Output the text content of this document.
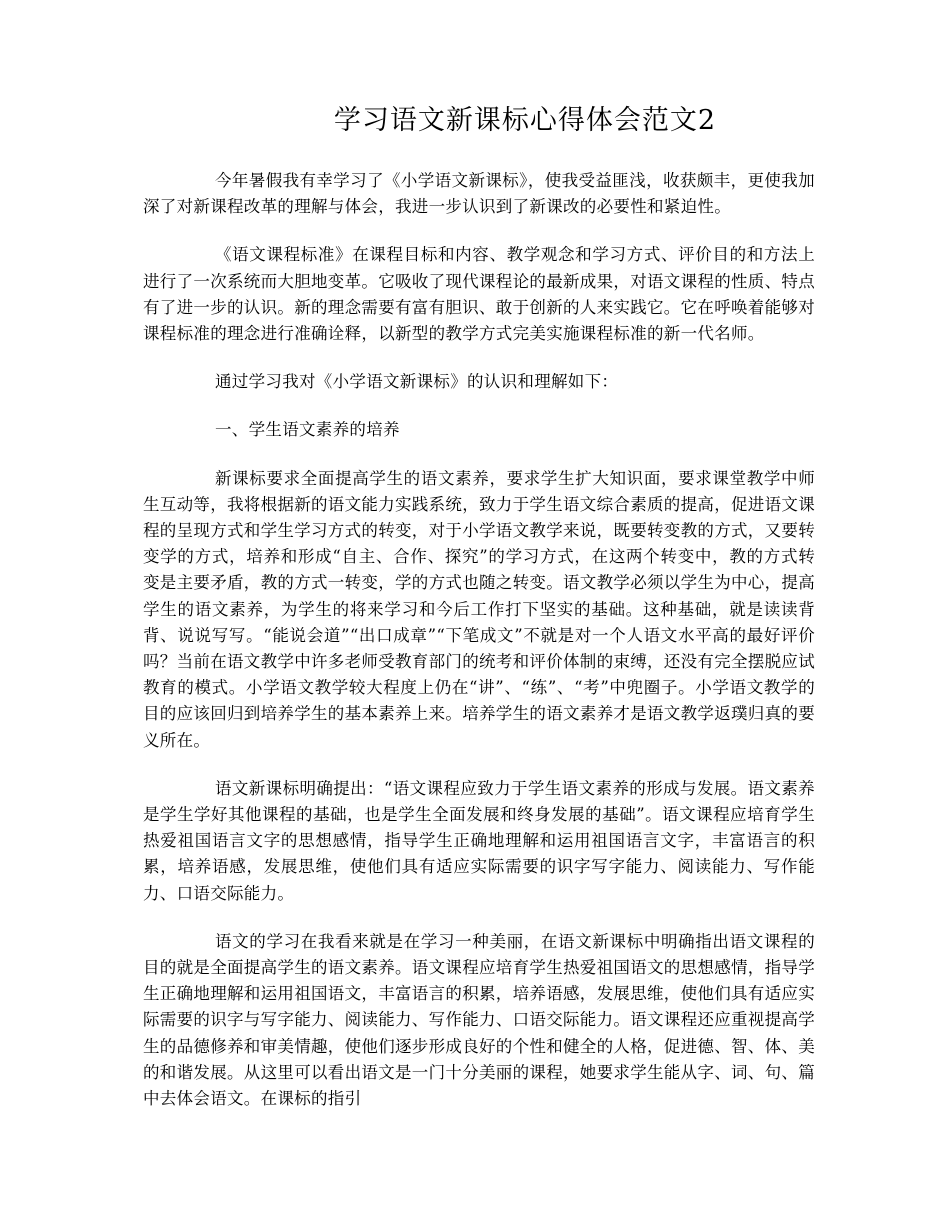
学习语文新课标心得体会范文2

今年暑假我有幸学习了《小学语文新课标》，使我受益匪浅，收获颇丰，更使我加深了对新课程改革的理解与体会，我进一步认识到了新课改的必要性和紧迫性。

《语文课程标准》在课程目标和内容、教学观念和学习方式、评价目的和方法上进行了一次系统而大胆地变革。它吸收了现代课程论的最新成果，对语文课程的性质、特点有了进一步的认识。新的理念需要有富有胆识、敢于创新的人来实践它。它在呼唤着能够对课程标准的理念进行准确诠释，以新型的教学方式完美实施课程标准的新一代名师。

通过学习我对《小学语文新课标》的认识和理解如下：

一、学生语文素养的培养

新课标要求全面提高学生的语文素养，要求学生扩大知识面，要求课堂教学中师生互动等，我将根据新的语文能力实践系统，致力于学生语文综合素质的提高，促进语文课程的呈现方式和学生学习方式的转变，对于小学语文教学来说，既要转变教的方式，又要转变学的方式，培养和形成“自主、合作、探究”的学习方式，在这两个转变中，教的方式转变是主要矛盾，教的方式一转变，学的方式也随之转变。语文教学必须以学生为中心，提高学生的语文素养，为学生的将来学习和今后工作打下坚实的基础。这种基础，就是读读背背、说说写写。“能说会道”“出口成章”“下笔成文”不就是对一个人语文水平高的最好评价吗？当前在语文教学中许多老师受教育部门的统考和评价体制的束缚，还没有完全摆脱应试教育的模式。小学语文教学较大程度上仍在“讲”、“练”、“考”中兜圈子。小学语文教学的目的应该回归到培养学生的基本素养上来。培养学生的语文素养才是语文教学返璞归真的要义所在。

语文新课标明确提出：“语文课程应致力于学生语文素养的形成与发展。语文素养是学生学好其他课程的基础，也是学生全面发展和终身发展的基础”。语文课程应培育学生热爱祖国语言文字的思想感情，指导学生正确地理解和运用祖国语言文字，丰富语言的积累，培养语感，发展思维，使他们具有适应实际需要的识字写字能力、阅读能力、写作能力、口语交际能力。

语文的学习在我看来就是在学习一种美丽，在语文新课标中明确指出语文课程的目的就是全面提高学生的语文素养。语文课程应培育学生热爱祖国语文的思想感情，指导学生正确地理解和运用祖国语文，丰富语言的积累，培养语感，发展思维，使他们具有适应实际需要的识字与写字能力、阅读能力、写作能力、口语交际能力。语文课程还应重视提高学生的品德修养和审美情趣，使他们逐步形成良好的个性和健全的人格，促进德、智、体、美的和谐发展。从这里可以看出语文是一门十分美丽的课程，她要求学生能从字、词、句、篇中去体会语文。在课标的指引
